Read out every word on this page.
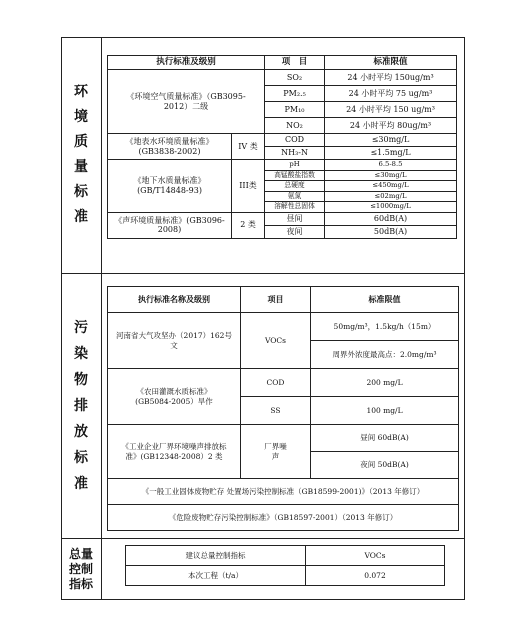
环
境
质
量
标
准
污
染
物
排
放
标
准
总量
控制
指标
执行标准及级别		项　目	标准限值
《环境空气质量标准》（GB3095-2012）二级		SO₂	24 小时平均 150ug/m³
		PM₂.₅	24 小时平均 75 ug/m³
		PM₁₀	24 小时平均 150 ug/m³
		NO₂	24 小时平均 80ug/m³
《地表水环境质量标准》(GB3838-2002)	IV 类	COD	≤30mg/L
		NH₃-N	≤1.5mg/L
《地下水质量标准》(GB/T14848-93)	III类	pH	6.5-8.5
		高锰酸盐指数	≤30mg/L
		总硬度	≤450mg/L
		氨氮	≤02mg/L
		溶解性总固体	≤1000mg/L
《声环境质量标准》(GB3096-2008)	2 类	昼间	60dB(A)
		夜间	50dB(A)
执行标准名称及级别	项目	标准限值
河南省大气攻坚办（2017）162号文	VOCs	50mg/m³，1.5kg/h（15m）
		周界外浓度最高点：2.0mg/m³
《农田灌溉水质标准》(GB5084-2005）旱作	COD	200 mg/L
	SS	100 mg/L
《工业企业厂界环境噪声排放标准》(GB12348-2008）2 类	厂界噪声	昼间 60dB(A)
		夜间 50dB(A)
《一般工业固体废物贮存 处置场污染控制标准（GB18599-2001)》（2013 年修订）		
《危险废物贮存污染控制标准》（GB18597-2001）（2013 年修订）		
建议总量控制指标	VOCs
本次工程（t/a）	0.072
